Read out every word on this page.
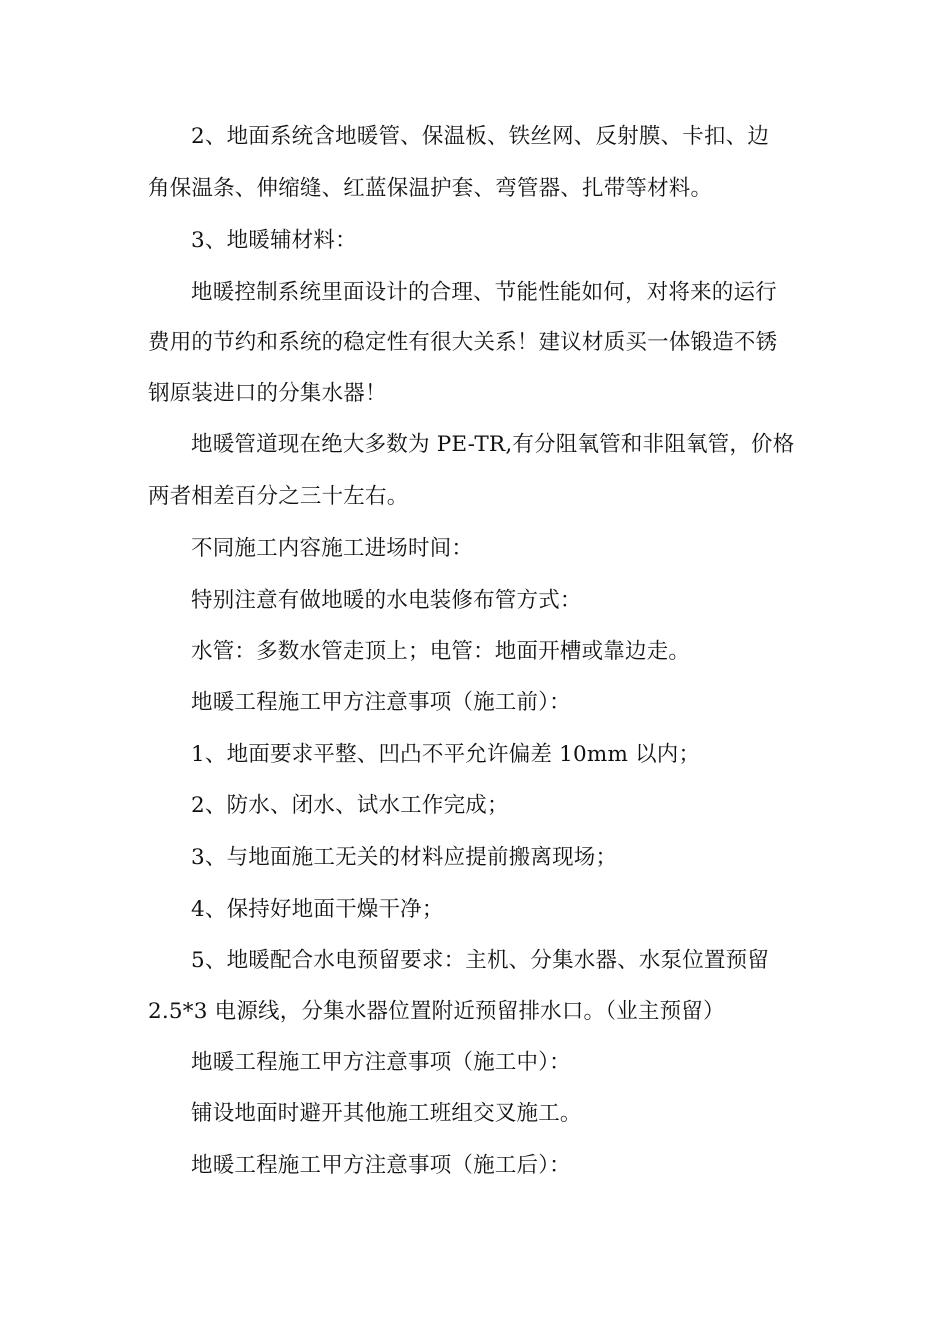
2、地面系统含地暖管、保温板、铁丝网、反射膜、卡扣、边
角保温条、伸缩缝、红蓝保温护套、弯管器、扎带等材料。
3、地暖辅材料：
地暖控制系统里面设计的合理、节能性能如何，对将来的运行
费用的节约和系统的稳定性有很大关系！建议材质买一体锻造不锈
钢原装进口的分集水器！
地暖管道现在绝大多数为 PE-TR,有分阻氧管和非阻氧管，价格
两者相差百分之三十左右。
不同施工内容施工进场时间：
特别注意有做地暖的水电装修布管方式：
水管：多数水管走顶上；电管：地面开槽或靠边走。
地暖工程施工甲方注意事项（施工前）：
1、地面要求平整、凹凸不平允许偏差 10mm 以内；
2、防水、闭水、试水工作完成；
3、与地面施工无关的材料应提前搬离现场；
4、保持好地面干燥干净；
5、地暖配合水电预留要求：主机、分集水器、水泵位置预留
2.5*3 电源线，分集水器位置附近预留排水口。（业主预留）
地暖工程施工甲方注意事项（施工中）：
铺设地面时避开其他施工班组交叉施工。
地暖工程施工甲方注意事项（施工后）：
